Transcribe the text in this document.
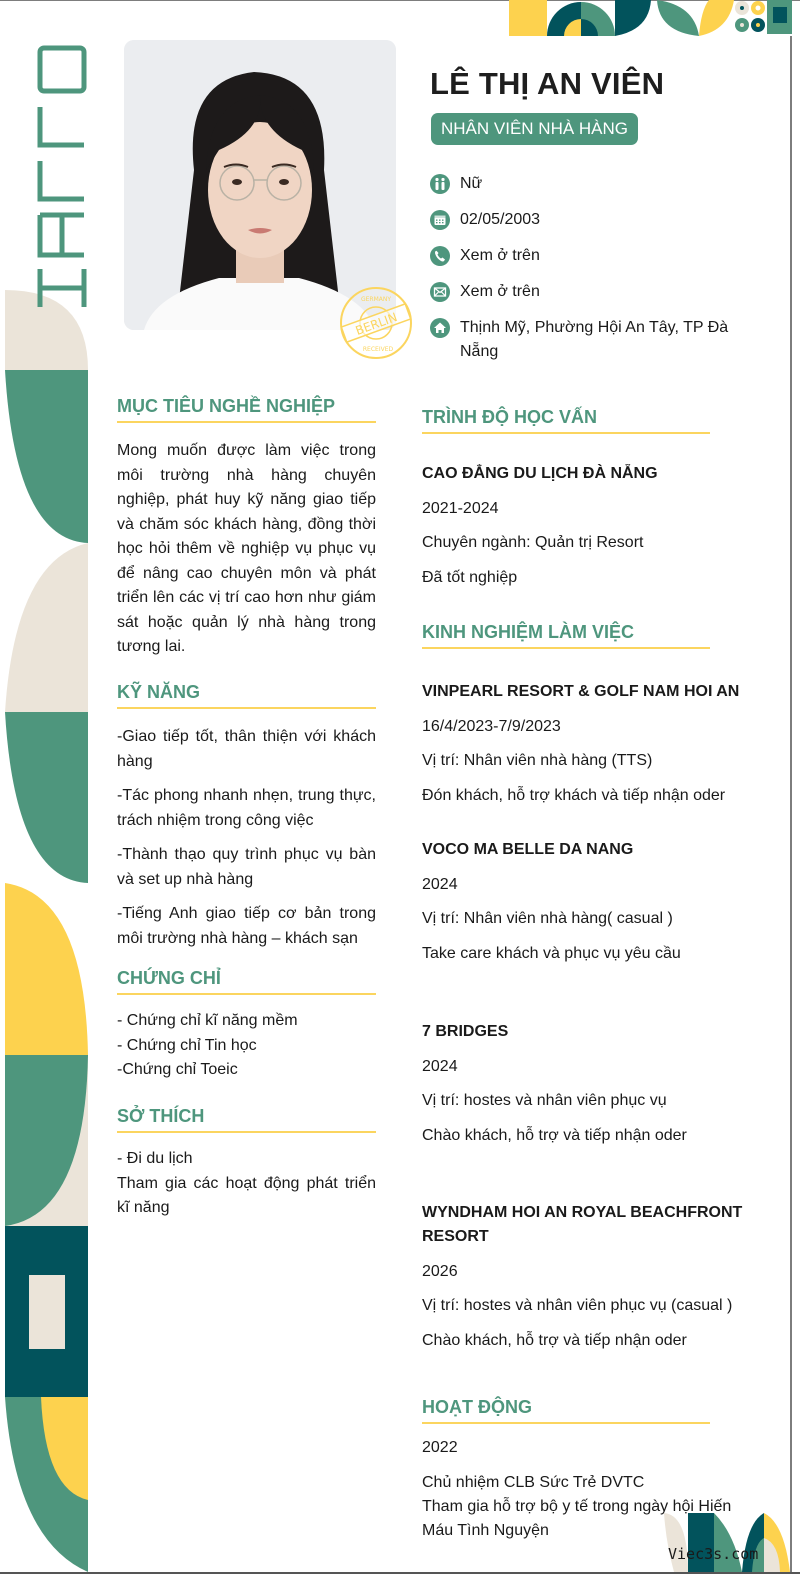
BERLIN
GERMANY
RECEIVED
LÊ THỊ AN VIÊN
NHÂN VIÊN NHÀ HÀNG
Nữ
02/05/2003
Xem ở trên
Xem ở trên
Thịnh Mỹ, Phường Hội An Tây, TP Đà Nẵng
MỤC TIÊU NGHỀ NGHIỆP

Mong muốn được làm việc trong môi trường nhà hàng chuyên nghiệp, phát huy kỹ năng giao tiếp và chăm sóc khách hàng, đồng thời học hỏi thêm về nghiệp vụ phục vụ để nâng cao chuyên môn và phát triển lên các vị trí cao hơn như giám sát hoặc quản lý nhà hàng trong tương lai.

KỸ NĂNG

-Giao tiếp tốt, thân thiện với khách hàng

-Tác phong nhanh nhẹn, trung thực, trách nhiệm trong công việc

-Thành thạo quy trình phục vụ bàn và set up nhà hàng

-Tiếng Anh giao tiếp cơ bản trong môi trường nhà hàng – khách sạn

CHỨNG CHỈ

- Chứng chỉ kĩ năng mềm

- Chứng chỉ Tin học

-Chứng chỉ Toeic

SỞ THÍCH

- Đi du lịch

Tham gia các hoạt động phát triển kĩ năng

TRÌNH ĐỘ HỌC VẤN
CAO ĐẲNG DU LỊCH ĐÀ NẴNG
2021-2024
Chuyên ngành: Quản trị Resort
Đã tốt nghiệp
KINH NGHIỆM LÀM VIỆC
VINPEARL RESORT & GOLF NAM HOI AN
16/4/2023-7/9/2023
Vị trí: Nhân viên nhà hàng (TTS)
Đón khách, hỗ trợ khách và tiếp nhận oder
VOCO MA BELLE DA NANG
2024
Vị trí: Nhân viên nhà hàng( casual )
Take care khách và phục vụ yêu cầu
7 BRIDGES
2024
Vị trí: hostes và nhân viên phục vụ
Chào khách, hỗ trợ và tiếp nhận oder
WYNDHAM HOI AN ROYAL BEACHFRONT RESORT
2026
Vị trí: hostes và nhân viên phục vụ (casual )
Chào khách, hỗ trợ và tiếp nhận oder
HOẠT ĐỘNG
2022
Chủ nhiệm CLB Sức Trẻ DVTC
Tham gia hỗ trợ bộ y tế trong ngày hội Hiến Máu Tình Nguyện
Viec3s.com
